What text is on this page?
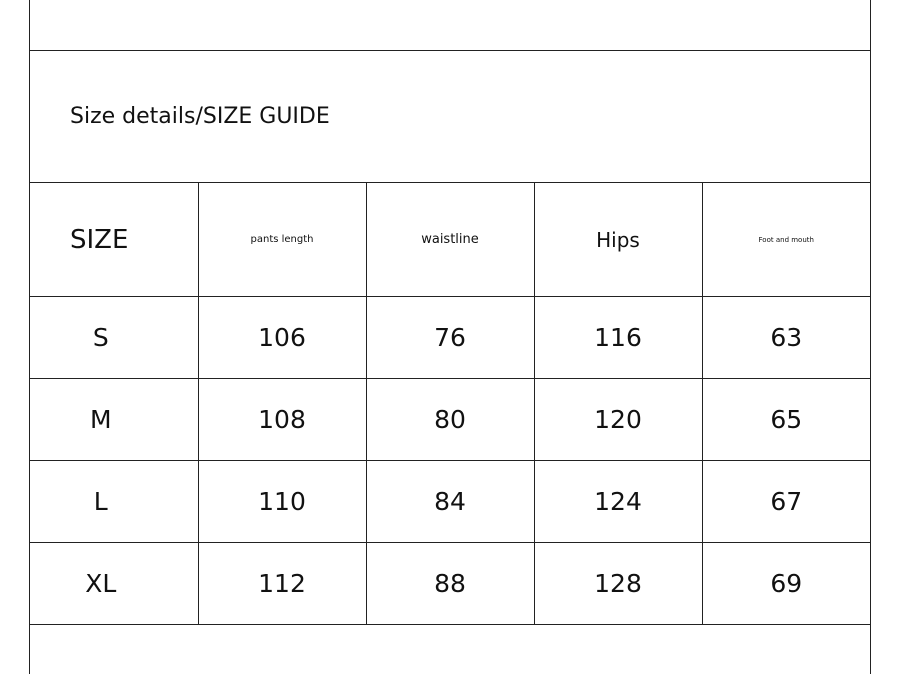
Size details/SIZE GUIDE
SIZE	pants length	waistline	Hips	Foot and mouth
S	106	76	116	63
M	108	80	120	65
L	110	84	124	67
XL	112	88	128	69
